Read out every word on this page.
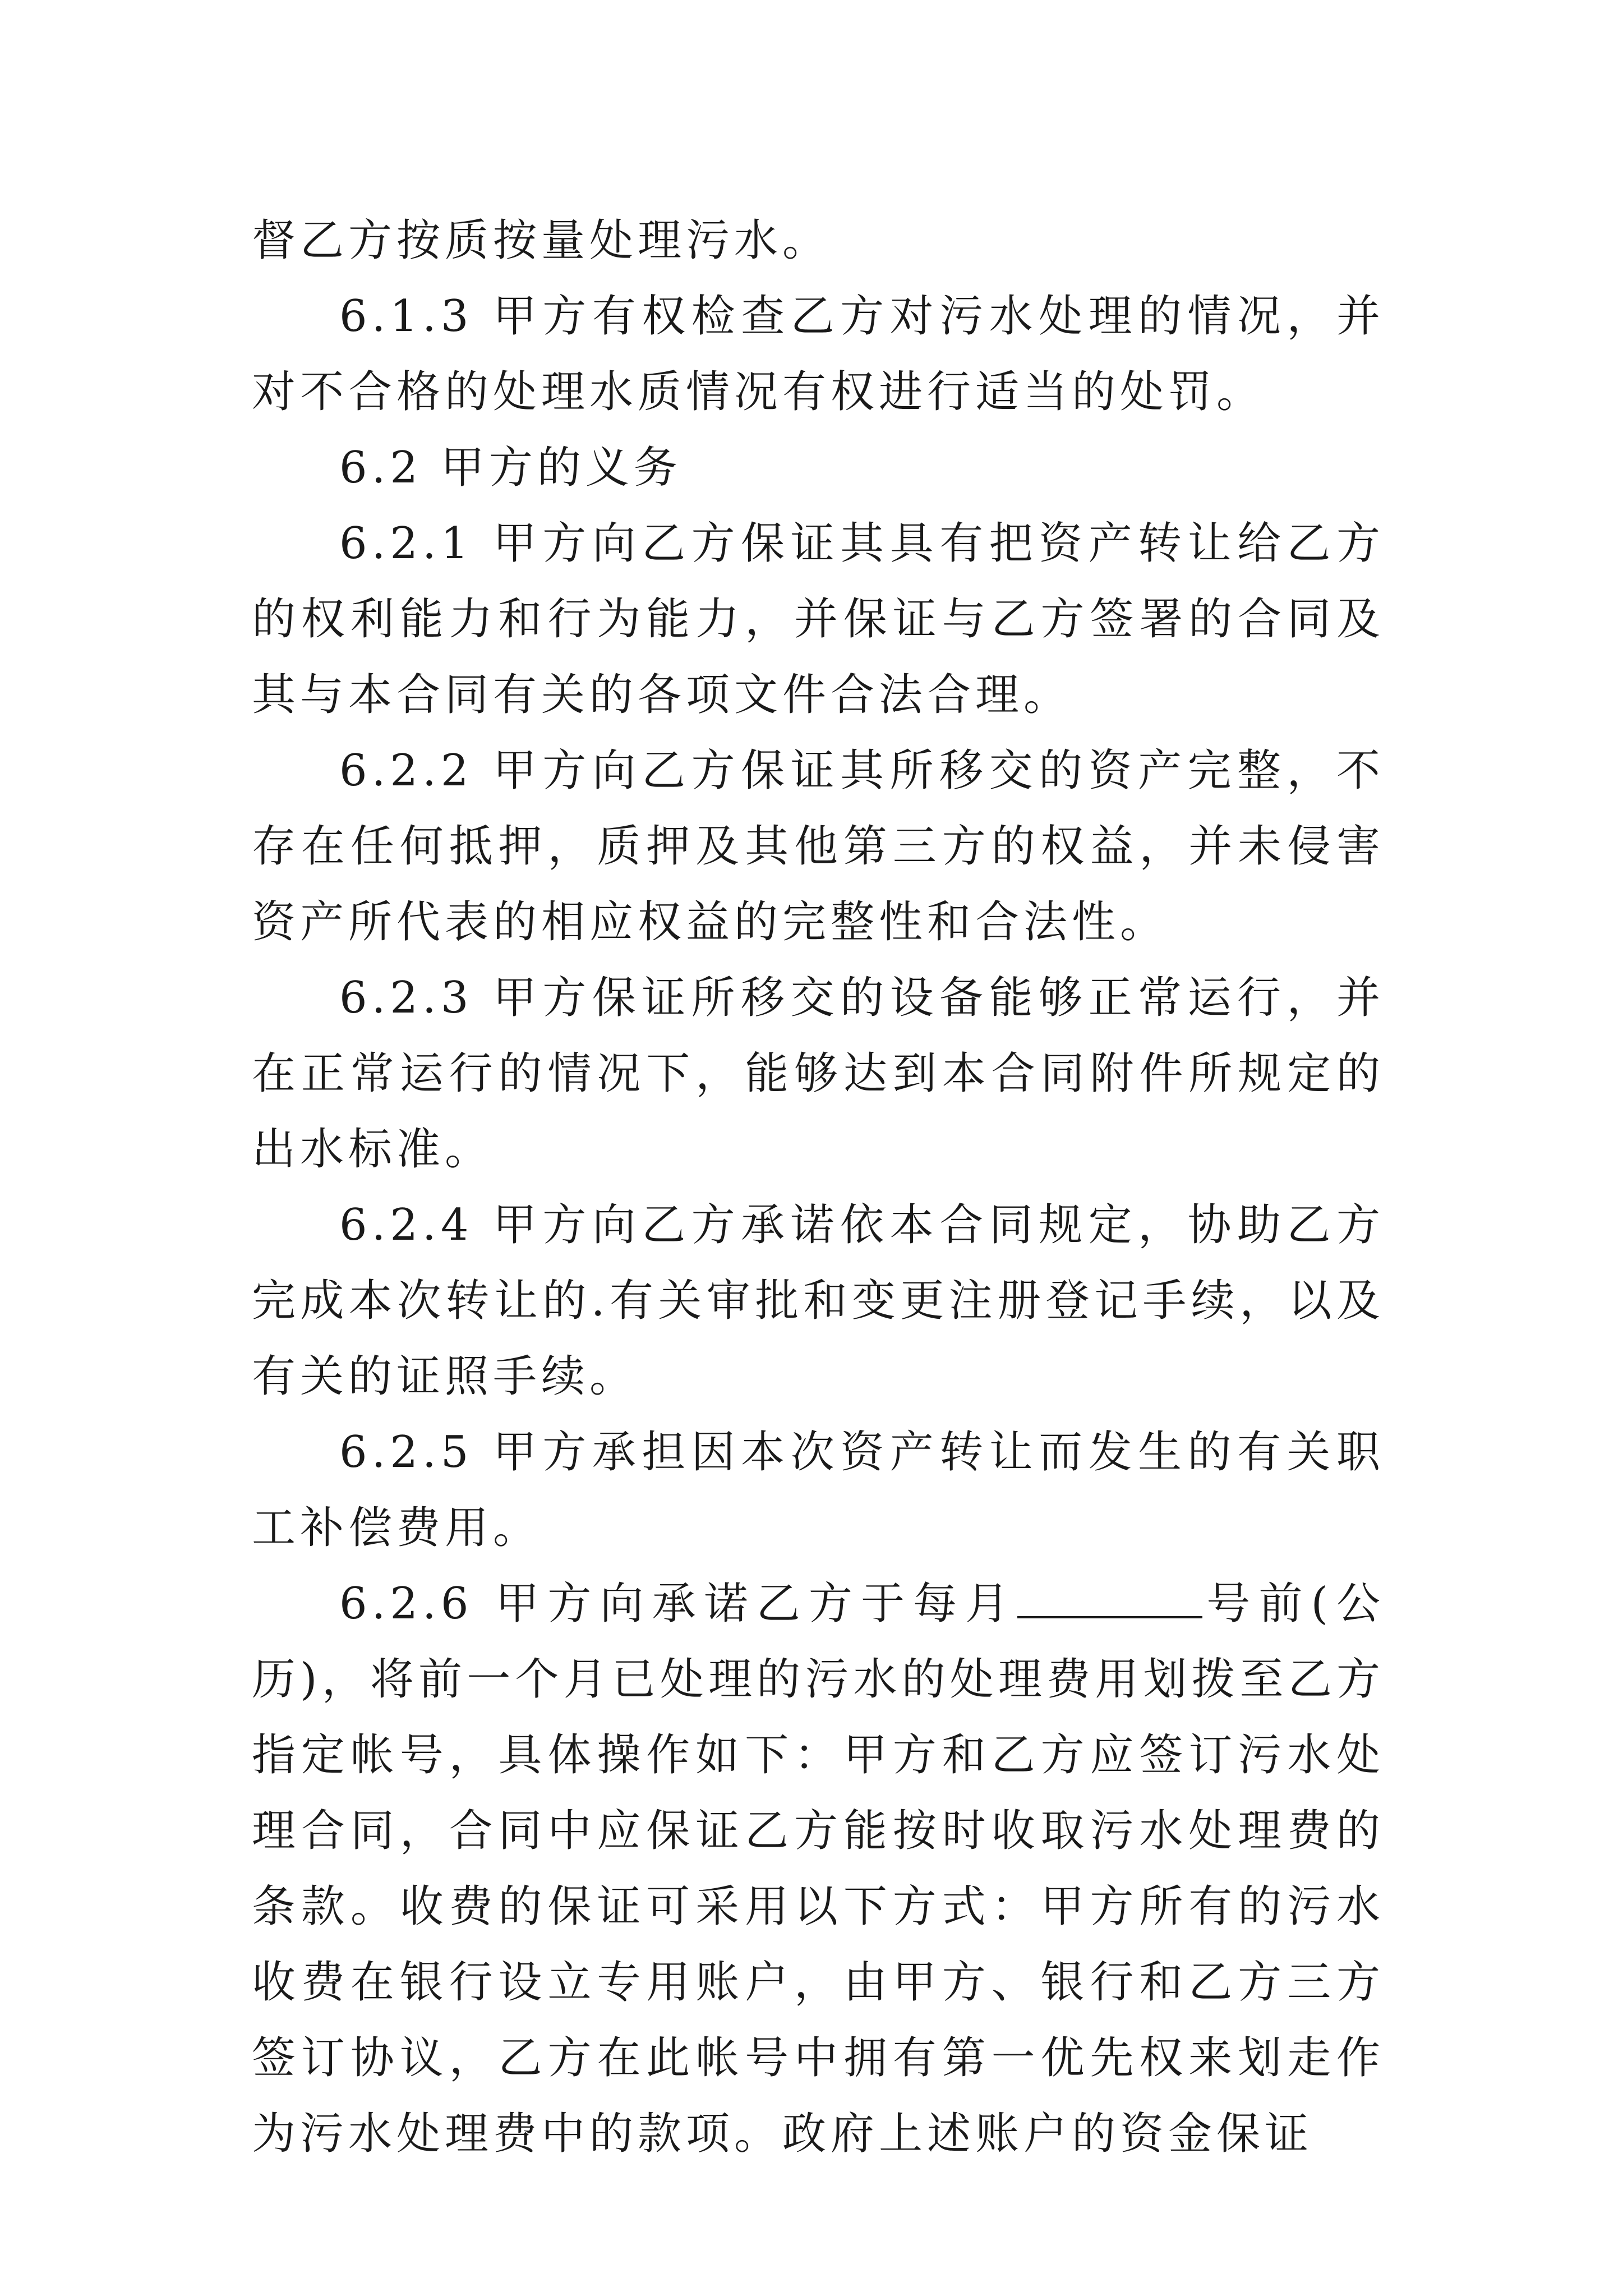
督乙方按质按量处理污水。

6.1.3 甲方有权检查乙方对污水处理的情况，并对不合格的处理水质情况有权进行适当的处罚。

6.2 甲方的义务

6.2.1 甲方向乙方保证其具有把资产转让给乙方的权利能力和行为能力，并保证与乙方签署的合同及其与本合同有关的各项文件合法合理。

6.2.2 甲方向乙方保证其所移交的资产完整，不存在任何抵押，质押及其他第三方的权益，并未侵害资产所代表的相应权益的完整性和合法性。

6.2.3 甲方保证所移交的设备能够正常运行，并在正常运行的情况下，能够达到本合同附件所规定的出水标准。

6.2.4 甲方向乙方承诺依本合同规定，协助乙方完成本次转让的.有关审批和变更注册登记手续，以及有关的证照手续。

6.2.5 甲方承担因本次资产转让而发生的有关职工补偿费用。

6.2.6 甲方向承诺乙方于每月	号前(公历)，将前一个月已处理的污水的处理费用划拨至乙方指定帐号，具体操作如下：甲方和乙方应签订污水处理合同，合同中应保证乙方能按时收取污水处理费的条款。收费的保证可采用以下方式：甲方所有的污水收费在银行设立专用账户，由甲方、银行和乙方三方签订协议，乙方在此帐号中拥有第一优先权来划走作为污水处理费中的款项。政府上述账户的资金保证
